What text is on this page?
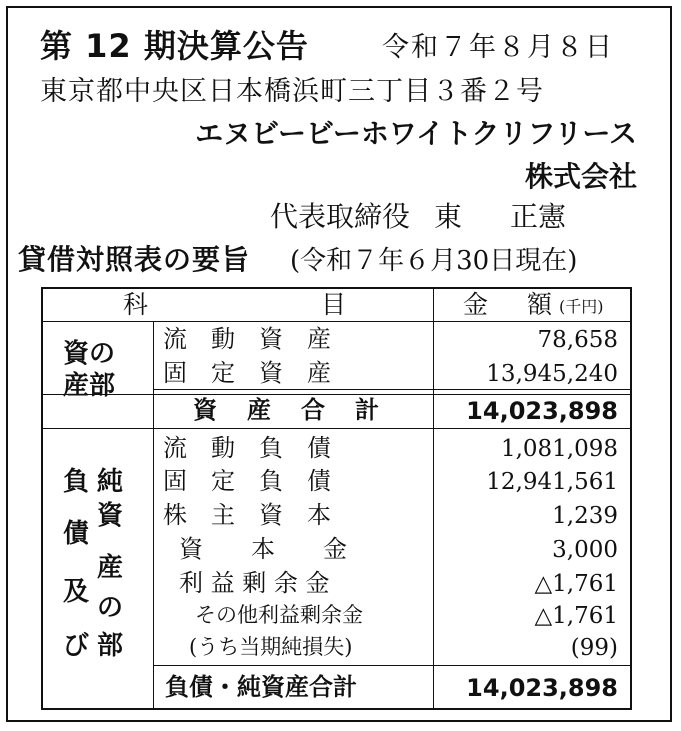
第 12 期決算公告	令和７年８月８日
東京都中央区日本橋浜町三丁目３番２号
エヌビービーホワイトクリフリース
株式会社
代表取締役 東 正憲
貸借対照表の要旨 (令和７年６月30日現在)
科	目	金 額 (千円)
資の
産部
流　動　資　産	78,658
固　定　資　産	13,945,240
資　産　合　計	14,023,898
負
債
及
び
純
資
産
の
部
流　動　負　債	1,081,098
固　定　負　債	12,941,561
株　主　資　本	1,239
資　　本　　金	3,000
利 益 剰 余 金	△1,761
その他利益剰余金	△1,761
(うち当期純損失)	(99)
負債・純資産合計	14,023,898
